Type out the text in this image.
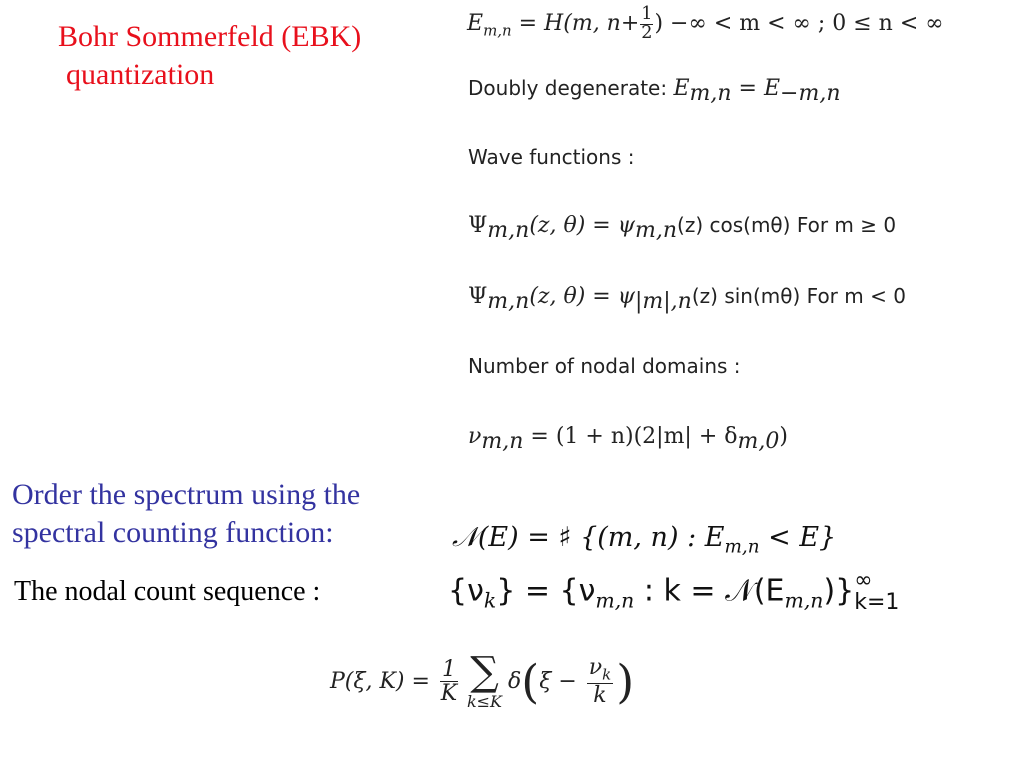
Bohr Sommerfeld (EBK)
quantization
$E_{m,n} = H(m$, $n+ \frac{1}{2}$ ) −∞ < m < ∞ ; 0 ≤ n < ∞
Doubly degenerate: $E_{m,n} = E_{-m,n}$
Wave functions :
$\Psi_{m,n}(z$, $\theta) = \psi_{m,n}(z)$ cos(mθ) For m ≥ 0
$\Psi_{m,n}(z$, $\theta) = \psi_{|m|,n}(z)$ sin(mθ) For m < 0
Number of nodal domains :
$\nu_{m,n} = (1 + n)(2|m| + \delta_{m,0})$
Order the spectrum using the
spectral counting function:	𝒩(E) = ♯ {(m, n) : $E_{m,n} < E$}
The nodal count sequence :	$\{\nu_k\} = \{\nu_{m,n}$ : $k = 𝒩(E_{m,n})$} ∞
k=1
P(ξ, $K) = \frac{1}{K}$ ∑
k≤K
$\delta(\xi - \frac{\nu_k}{k}$ )
